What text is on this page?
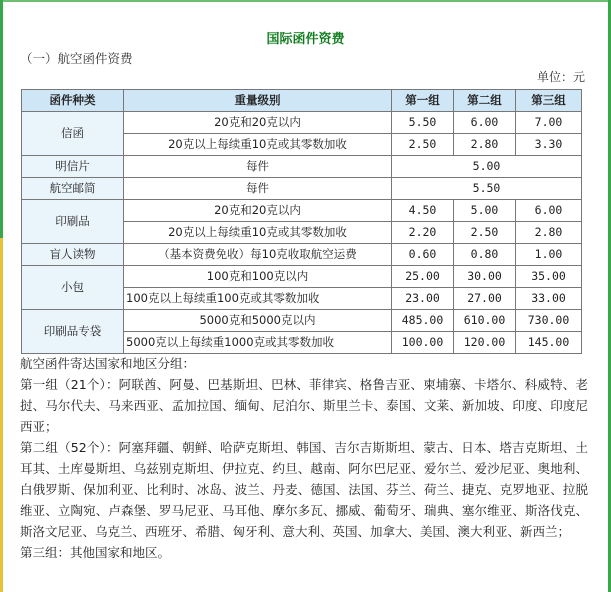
国际函件资费
（一）航空函件资费
单位：元
函件种类	重量级别	第一组	第二组	第三组
信函	20克和20克以内	5.50	6.00	7.00
	20克以上每续重10克或其零数加收	2.50	2.80	3.30
明信片	每件	5.00		
航空邮简	每件	5.50		
印刷品	20克和20克以内	4.50	5.00	6.00
	20克以上每续重10克或其零数加收	2.20	2.50	2.80
盲人读物	（基本资费免收）每10克收取航空运费	0.60	0.80	1.00
小包	100克和100克以内	25.00	30.00	35.00
	100克以上每续重100克或其零数加收	23.00	27.00	33.00
印刷品专袋	5000克和5000克以内	485.00	610.00	730.00
	5000克以上每续重1000克或其零数加收	100.00	120.00	145.00

航空函件寄达国家和地区分组：

第一组（21个）：阿联酋、阿曼、巴基斯坦、巴林、菲律宾、格鲁吉亚、柬埔寨、卡塔尔、科威特、老挝、马尔代夫、马来西亚、孟加拉国、缅甸、尼泊尔、斯里兰卡、泰国、文莱、新加坡、印度、印度尼西亚；

第二组（52个）：阿塞拜疆、朝鲜、哈萨克斯坦、韩国、吉尔吉斯斯坦、蒙古、日本、塔吉克斯坦、土耳其、土库曼斯坦、乌兹别克斯坦、伊拉克、约旦、越南、阿尔巴尼亚、爱尔兰、爱沙尼亚、奥地利、白俄罗斯、保加利亚、比利时、冰岛、波兰、丹麦、德国、法国、芬兰、荷兰、捷克、克罗地亚、拉脱维亚、立陶宛、卢森堡、罗马尼亚、马耳他、摩尔多瓦、挪威、葡萄牙、瑞典、塞尔维亚、斯洛伐克、斯洛文尼亚、乌克兰、西班牙、希腊、匈牙利、意大利、英国、加拿大、美国、澳大利亚、新西兰；

第三组：其他国家和地区。
